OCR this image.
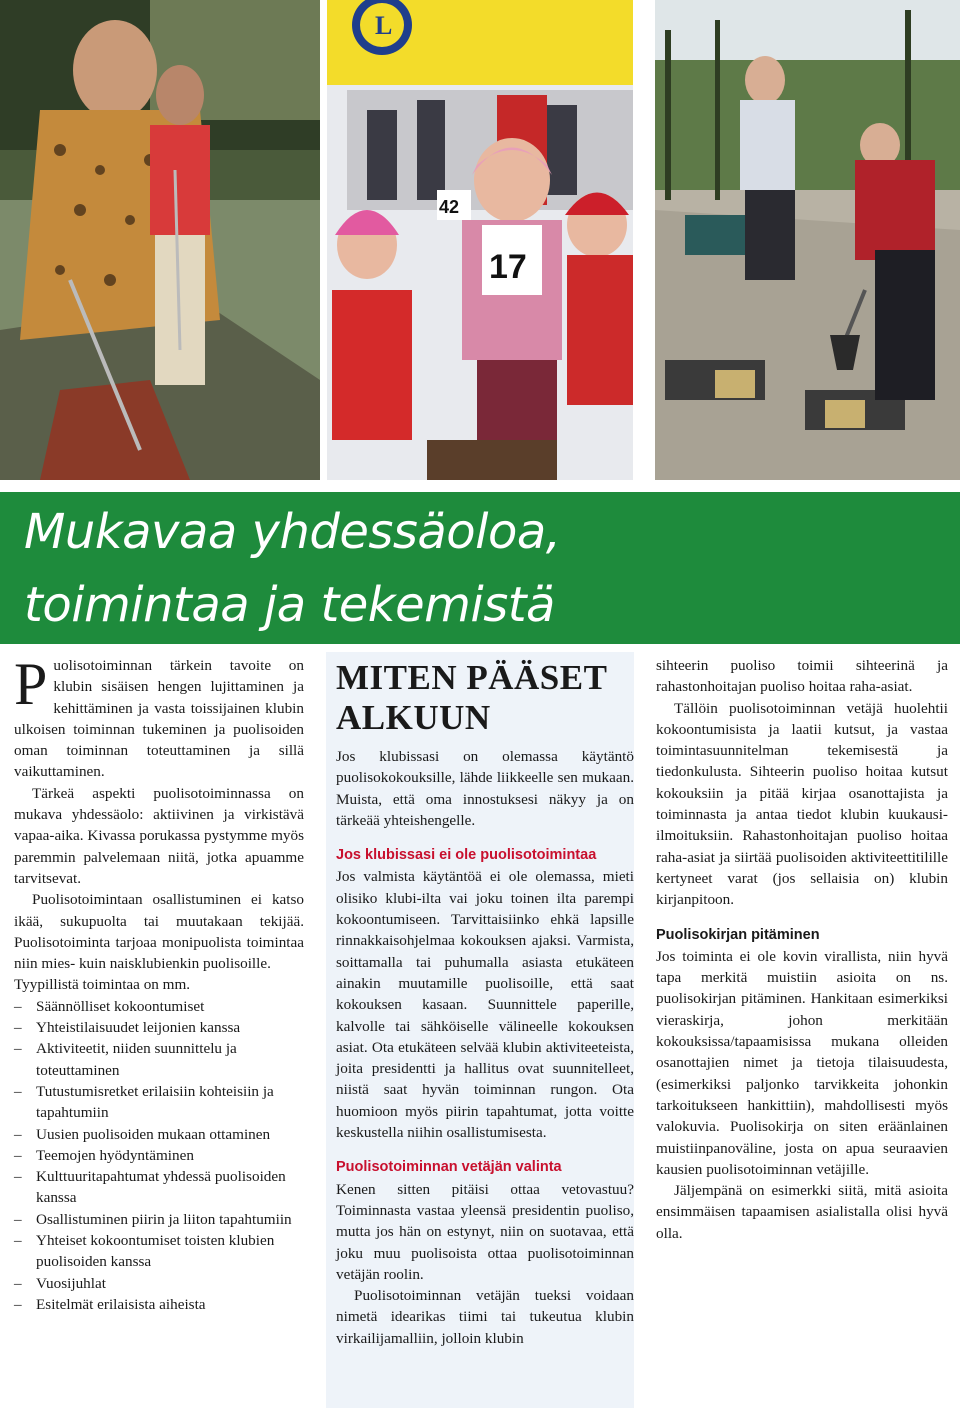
L
17
42
Mukavaa yhdessäoloa,
toimintaa ja tekemistä

Puolisotoiminnan tärkein tavoite on klubin sisäisen hengen lujittaminen ja kehittäminen ja vasta toissijainen klubin ulkoisen toiminnan tukeminen ja puolisoiden oman toiminnan toteuttaminen ja sillä vaikuttaminen.

Tärkeä aspekti puolisotoiminnassa on mukava yhdessäolo: aktiivinen ja virkistävä vapaa-aika. Kivassa porukassa pystymme myös paremmin palvelemaan niitä, jotka apuamme tarvitsevat.

Puolisotoimintaan osallistuminen ei katso ikää, sukupuolta tai muutakaan tekijää. Puolisotoiminta tarjoaa monipuolista toimintaa niin mies- kuin naisklubienkin puolisoille.

Tyypillistä toimintaa on mm.

– Säännölliset kokoontumiset
– Yhteistilaisuudet leijonien kanssa
– Aktiviteetit, niiden suunnittelu ja toteuttaminen
– Tutustumisretket erilaisiin kohteisiin ja tapahtumiin
– Uusien puolisoiden mukaan ottaminen
– Teemojen hyödyntäminen
– Kulttuuritapahtumat yhdessä puolisoiden kanssa
– Osallistuminen piirin ja liiton tapahtumiin
– Yhteiset kokoontumiset toisten klubien puolisoiden kanssa
– Vuosijuhlat
– Esitelmät erilaisista aiheista
MITEN PÄÄSET
ALKUUN

Jos klubissasi on olemassa käytäntö puolisokokouksille, lähde liikkeelle sen mukaan. Muista, että oma innostuksesi näkyy ja on tärkeää yhteishengelle.

Jos klubissasi ei ole puolisotoimintaa

Jos valmista käytäntöä ei ole olemassa, mieti olisiko klubi-ilta vai joku toinen ilta parempi kokoontumiseen. Tarvittaisiinko ehkä lapsille rinnakkaisohjelmaa kokouksen ajaksi. Varmista, soittamalla tai puhumalla asiasta etukäteen ainakin muutamille puolisoille, että saat kokouksen kasaan. Suunnittele paperille, kalvolle tai sähköiselle välineelle kokouksen asiat. Ota etukäteen selvää klubin aktiviteeteista, joita presidentti ja hallitus ovat suunnitelleet, niistä saat hyvän toiminnan rungon. Ota huomioon myös piirin tapahtumat, jotta voitte keskustella niihin osallistumisesta.

Puolisotoiminnan vetäjän valinta

Kenen sitten pitäisi ottaa vetovastuu? Toiminnasta vastaa yleensä presidentin puoliso, mutta jos hän on estynyt, niin on suotavaa, että joku muu puolisoista ottaa puolisotoiminnan vetäjän roolin.

Puolisotoiminnan vetäjän tueksi voidaan nimetä idearikas tiimi tai tukeutua klubin virkailijamalliin, jolloin klubin

sihteerin puoliso toimii sihteerinä ja rahastonhoitajan puoliso hoitaa raha-asiat.

Tällöin puolisotoiminnan vetäjä huolehtii kokoontumisista ja laatii kutsut, ja vastaa toimintasuunnitelman tekemisestä ja tiedonkulusta. Sihteerin puoliso hoitaa kutsut kokouksiin ja pitää kirjaa osanottajista ja toiminnasta ja antaa tiedot klubin kuukausi-ilmoituksiin. Rahastonhoitajan puoliso hoitaa raha-asiat ja siirtää puolisoiden aktiviteettitilille kertyneet varat (jos sellaisia on) klubin kirjanpitoon.

Puolisokirjan pitäminen

Jos toiminta ei ole kovin virallista, niin hyvä tapa merkitä muistiin asioita on ns. puolisokirjan pitäminen. Hankitaan esimerkiksi vieraskirja, johon merkitään kokouksissa/tapaamisissa mukana olleiden osanottajien nimet ja tietoja tilaisuudesta, (esimerkiksi paljonko tarvikkeita johonkin tarkoitukseen hankittiin), mahdollisesti myös valokuvia. Puolisokirja on siten eräänlainen muistiinpanoväline, josta on apua seuraavien kausien puolisotoiminnan vetäjille.

Jäljempänä on esimerkki siitä, mitä asioita ensimmäisen tapaamisen asialistalla olisi hyvä olla.
